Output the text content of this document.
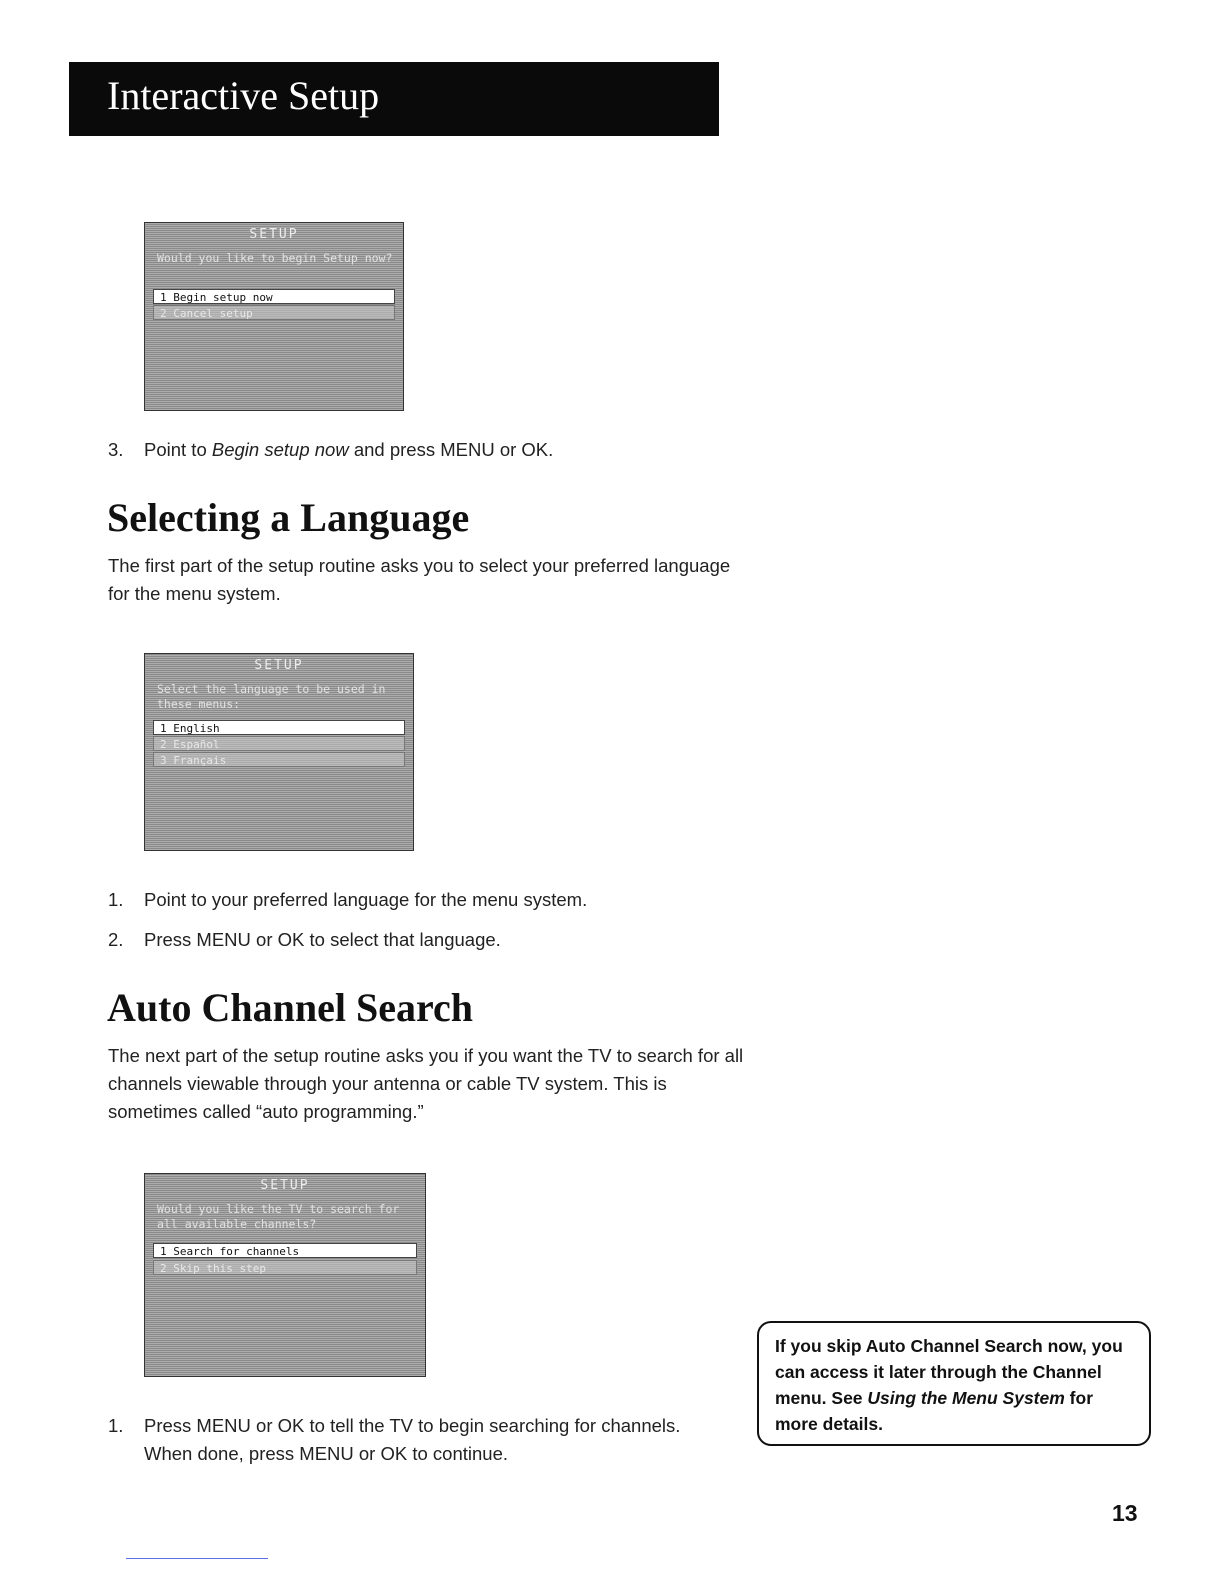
Interactive Setup
SETUP
Would you like to begin Setup now?
1 Begin setup now
2 Cancel setup
3. Point to Begin setup now and press MENU or OK.
Selecting a Language

The first part of the setup routine asks you to select your preferred language for the menu system.

SETUP
Select the language to be used in these menus:
1 English
2 Español
3 Français
1. Point to your preferred language for the menu system.
2. Press MENU or OK to select that language.
Auto Channel Search

The next part of the setup routine asks you if you want the TV to search for all channels viewable through your antenna or cable TV system. This is sometimes called “auto programming.”

SETUP
Would you like the TV to search for all available channels?
1 Search for channels
2 Skip this step
1. Press MENU or OK to tell the TV to begin searching for channels. When done, press MENU or OK to continue.
If you skip Auto Channel Search now, you can access it later through the Channel menu. See Using the Menu System for more details.
13
